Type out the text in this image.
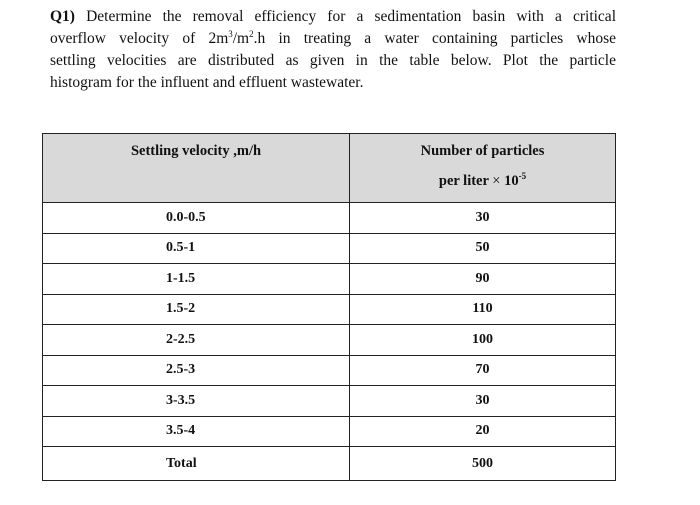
Q1) Determine the removal efficiency for a sedimentation basin with a critical
overflow velocity of $2m^3/m^2.h$ in treating a water containing particles whose
settling velocities are distributed as given in the table below. Plot the particle
histogram for the influent and effluent wastewater.
Settling velocity ,m/h	Number of particles
per liter × $10^{-5}$
0.0-0.5	30
0.5-1	50
1-1.5	90
1.5-2	110
2-2.5	100
2.5-3	70
3-3.5	30
3.5-4	20
Total	500
